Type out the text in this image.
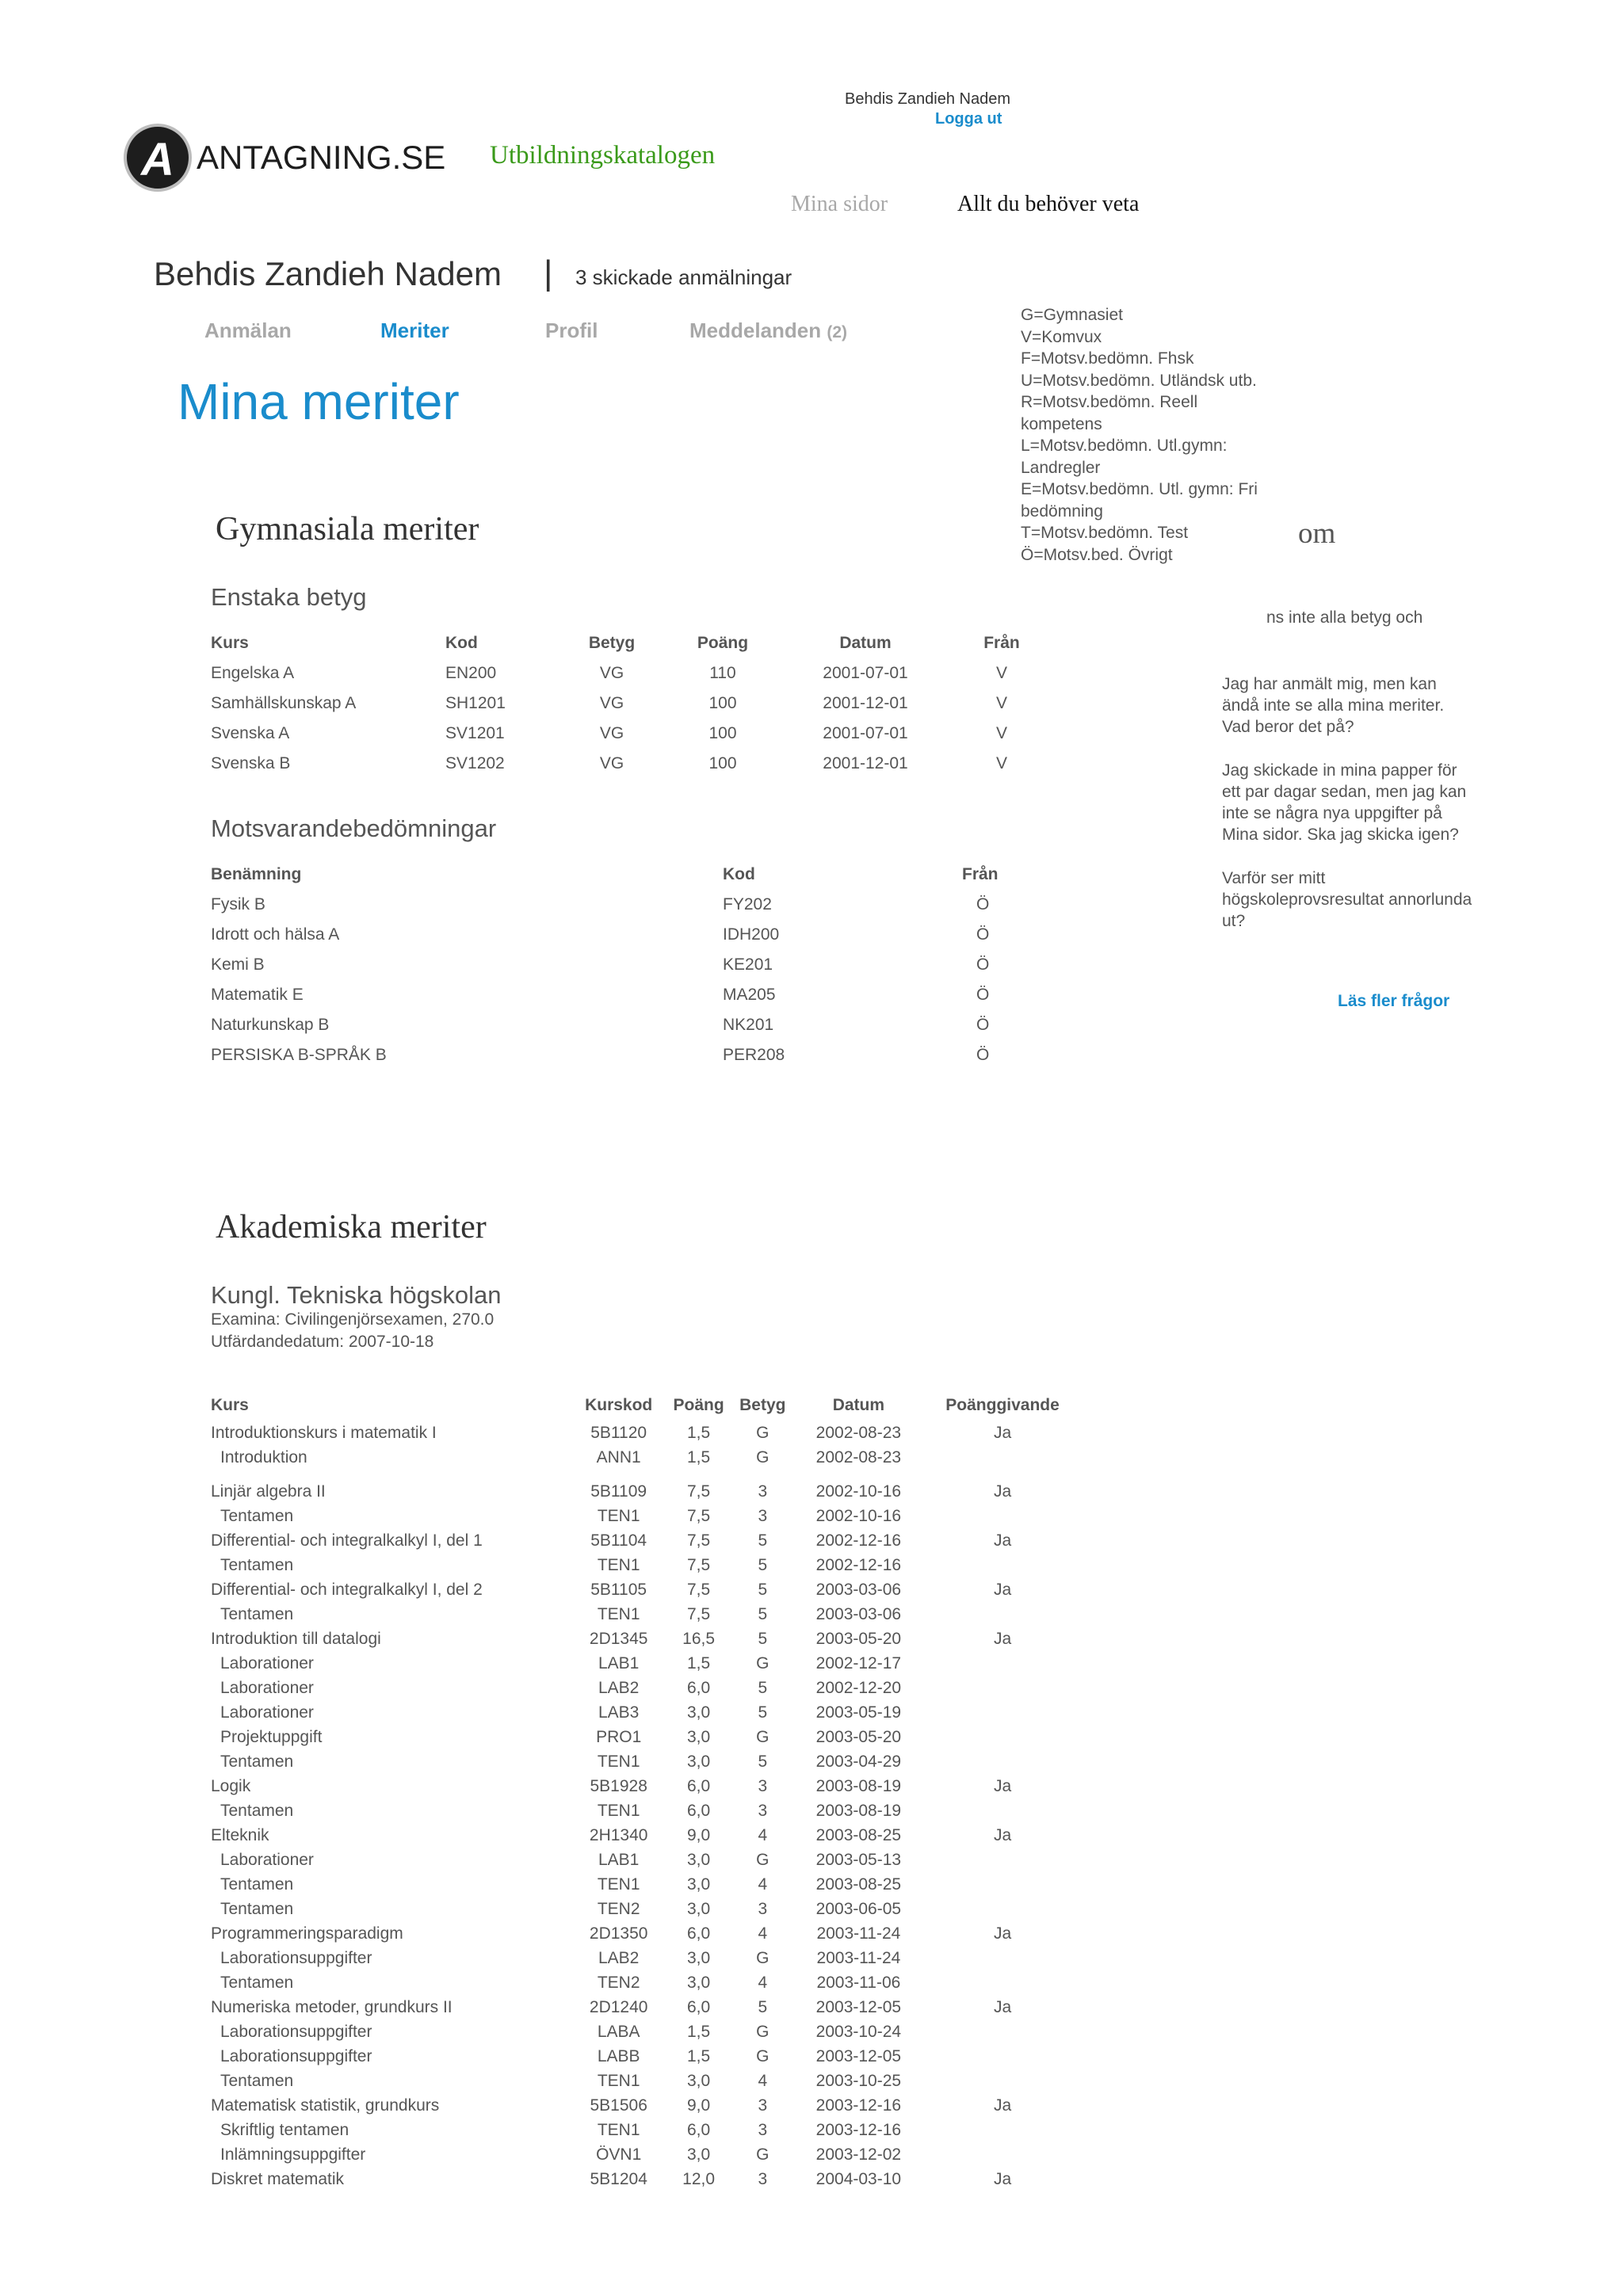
Behdis Zandieh Nadem
Logga ut
A ANTAGNING.SE Utbildningskatalogen
Mina sidor	Allt du behöver veta
Behdis Zandieh Nadem | 3 skickade anmälningar
Anmälan	Meriter	Profil	Meddelanden (2)
Mina meriter
G=Gymnasiet
V=Komvux
F=Motsv.bedömn. Fhsk
U=Motsv.bedömn. Utländsk utb.
R=Motsv.bedömn. Reell kompetens
L=Motsv.bedömn. Utl.gymn: Landregler
E=Motsv.bedömn. Utl. gymn: Fri bedömning
T=Motsv.bedömn. Test
Ö=Motsv.bed. Övrigt
om
ns inte alla betyg och
Jag har anmält mig, men kan ändå inte se alla mina meriter. Vad beror det på?
Jag skickade in mina papper för ett par dagar sedan, men jag kan inte se några nya uppgifter på Mina sidor. Ska jag skicka igen?
Varför ser mitt högskoleprovsresultat annorlunda ut?
Läs fler frågor
Gymnasiala meriter
Enstaka betyg
Kurs	Kod	Betyg	Poäng	Datum	Från
Engelska A	EN200	VG	110	2001-07-01	V
Samhällskunskap A	SH1201	VG	100	2001-12-01	V
Svenska A	SV1201	VG	100	2001-07-01	V
Svenska B	SV1202	VG	100	2001-12-01	V
Motsvarandebedömningar
Benämning	Kod	Från
Fysik B	FY202	Ö
Idrott och hälsa A	IDH200	Ö
Kemi B	KE201	Ö
Matematik E	MA205	Ö
Naturkunskap B	NK201	Ö
PERSISKA B-SPRÅK B	PER208	Ö
Akademiska meriter
Kungl. Tekniska högskolan
Examina: Civilingenjörsexamen, 270.0
Utfärdandedatum: 2007-10-18
Kurs	Kurskod	Poäng	Betyg	Datum	Poänggivande
Introduktionskurs i matematik I	5B1120	1,5	G	2002-08-23	Ja
Introduktion	ANN1	1,5	G	2002-08-23	

Linjär algebra II	5B1109	7,5	3	2002-10-16	Ja
Tentamen	TEN1	7,5	3	2002-10-16	
Differential- och integralkalkyl I, del 1	5B1104	7,5	5	2002-12-16	Ja
Tentamen	TEN1	7,5	5	2002-12-16	
Differential- och integralkalkyl I, del 2	5B1105	7,5	5	2003-03-06	Ja
Tentamen	TEN1	7,5	5	2003-03-06	
Introduktion till datalogi	2D1345	16,5	5	2003-05-20	Ja
Laborationer	LAB1	1,5	G	2002-12-17	
Laborationer	LAB2	6,0	5	2002-12-20	
Laborationer	LAB3	3,0	5	2003-05-19	
Projektuppgift	PRO1	3,0	G	2003-05-20	
Tentamen	TEN1	3,0	5	2003-04-29	
Logik	5B1928	6,0	3	2003-08-19	Ja
Tentamen	TEN1	6,0	3	2003-08-19	
Elteknik	2H1340	9,0	4	2003-08-25	Ja
Laborationer	LAB1	3,0	G	2003-05-13	
Tentamen	TEN1	3,0	4	2003-08-25	
Tentamen	TEN2	3,0	3	2003-06-05	
Programmeringsparadigm	2D1350	6,0	4	2003-11-24	Ja
Laborationsuppgifter	LAB2	3,0	G	2003-11-24	
Tentamen	TEN2	3,0	4	2003-11-06	
Numeriska metoder, grundkurs II	2D1240	6,0	5	2003-12-05	Ja
Laborationsuppgifter	LABA	1,5	G	2003-10-24	
Laborationsuppgifter	LABB	1,5	G	2003-12-05	
Tentamen	TEN1	3,0	4	2003-10-25	
Matematisk statistik, grundkurs	5B1506	9,0	3	2003-12-16	Ja
Skriftlig tentamen	TEN1	6,0	3	2003-12-16	
Inlämningsuppgifter	ÖVN1	3,0	G	2003-12-02	
Diskret matematik	5B1204	12,0	3	2004-03-10	Ja
